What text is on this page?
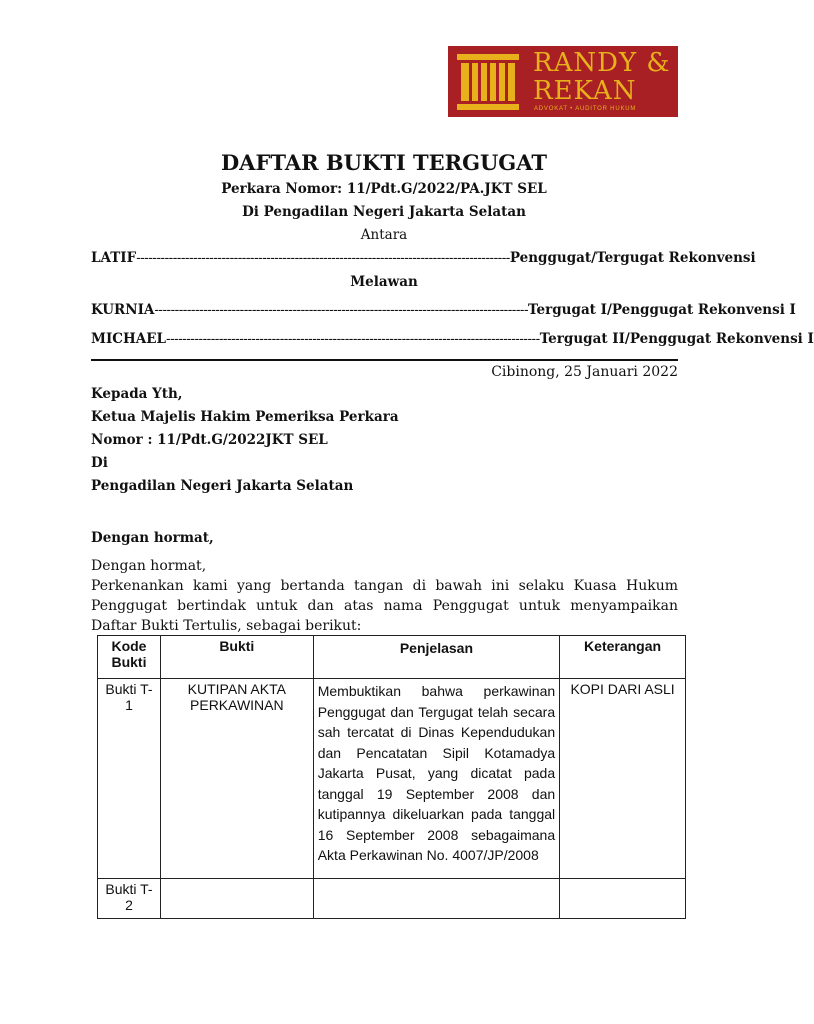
RANDY &
REKAN
ADVOKAT • AUDITOR HUKUM
DAFTAR BUKTI TERGUGAT
Perkara Nomor: 11/Pdt.G/2022/PA.JKT SEL
Di Pengadilan Negeri Jakarta Selatan
Antara
LATIF -------------------------------------------------------------------------------------------- Penggugat/Tergugat Rekonvensi
Melawan
KURNIA -------------------------------------------------------------------------------------------- Tergugat I/Penggugat Rekonvensi I
MICHAEL -------------------------------------------------------------------------------------------- Tergugat II/Penggugat Rekonvensi I
Cibinong, 25 Januari 2022
Kepada Yth,
Ketua Majelis Hakim Pemeriksa Perkara
Nomor : 11/Pdt.G/2022JKT SEL
Di
Pengadilan Negeri Jakarta Selatan
Dengan hormat,
Dengan hormat,
Perkenankan kami yang bertanda tangan di bawah ini selaku Kuasa Hukum Penggugat bertindak untuk dan atas nama Penggugat untuk menyampaikan Daftar Bukti Tertulis, sebagai berikut:
Kode Bukti	Bukti	Penjelasan	Keterangan
Bukti T-1	KUTIPAN AKTA PERKAWINAN	Membuktikan bahwa perkawinan Penggugat dan Tergugat telah secara sah tercatat di Dinas Kependudukan dan Pencatatan Sipil Kotamadya Jakarta Pusat, yang dicatat pada tanggal 19 September 2008 dan kutipannya dikeluarkan pada tanggal 16 September 2008 sebagaimana Akta Perkawinan No. 4007/JP/2008	KOPI DARI ASLI
Bukti T-2			
